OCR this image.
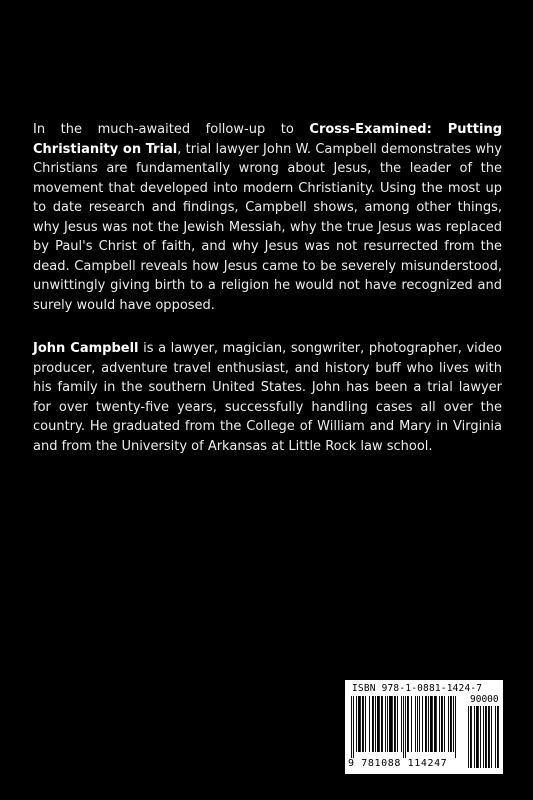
In the much-awaited follow-up to Cross-Examined: Putting Christianity on Trial, trial lawyer John W. Campbell demonstrates why Christians are fundamentally wrong about Jesus, the leader of the movement that developed into modern Christianity. Using the most up to date research and findings, Campbell shows, among other things, why Jesus was not the Jewish Messiah, why the true Jesus was replaced by Paul's Christ of faith, and why Jesus was not resurrected from the dead. Campbell reveals how Jesus came to be severely misunderstood, unwittingly giving birth to a religion he would not have recognized and surely would have opposed.

John Campbell is a lawyer, magician, songwriter, photographer, video producer, adventure travel enthusiast, and history buff who lives with his family in the southern United States. John has been a trial lawyer for over twenty-five years, successfully handling cases all over the country. He graduated from the College of William and Mary in Virginia and from the University of Arkansas at Little Rock law school.

ISBN 978-1-0881-1424-7
90000
9 781088 114247
